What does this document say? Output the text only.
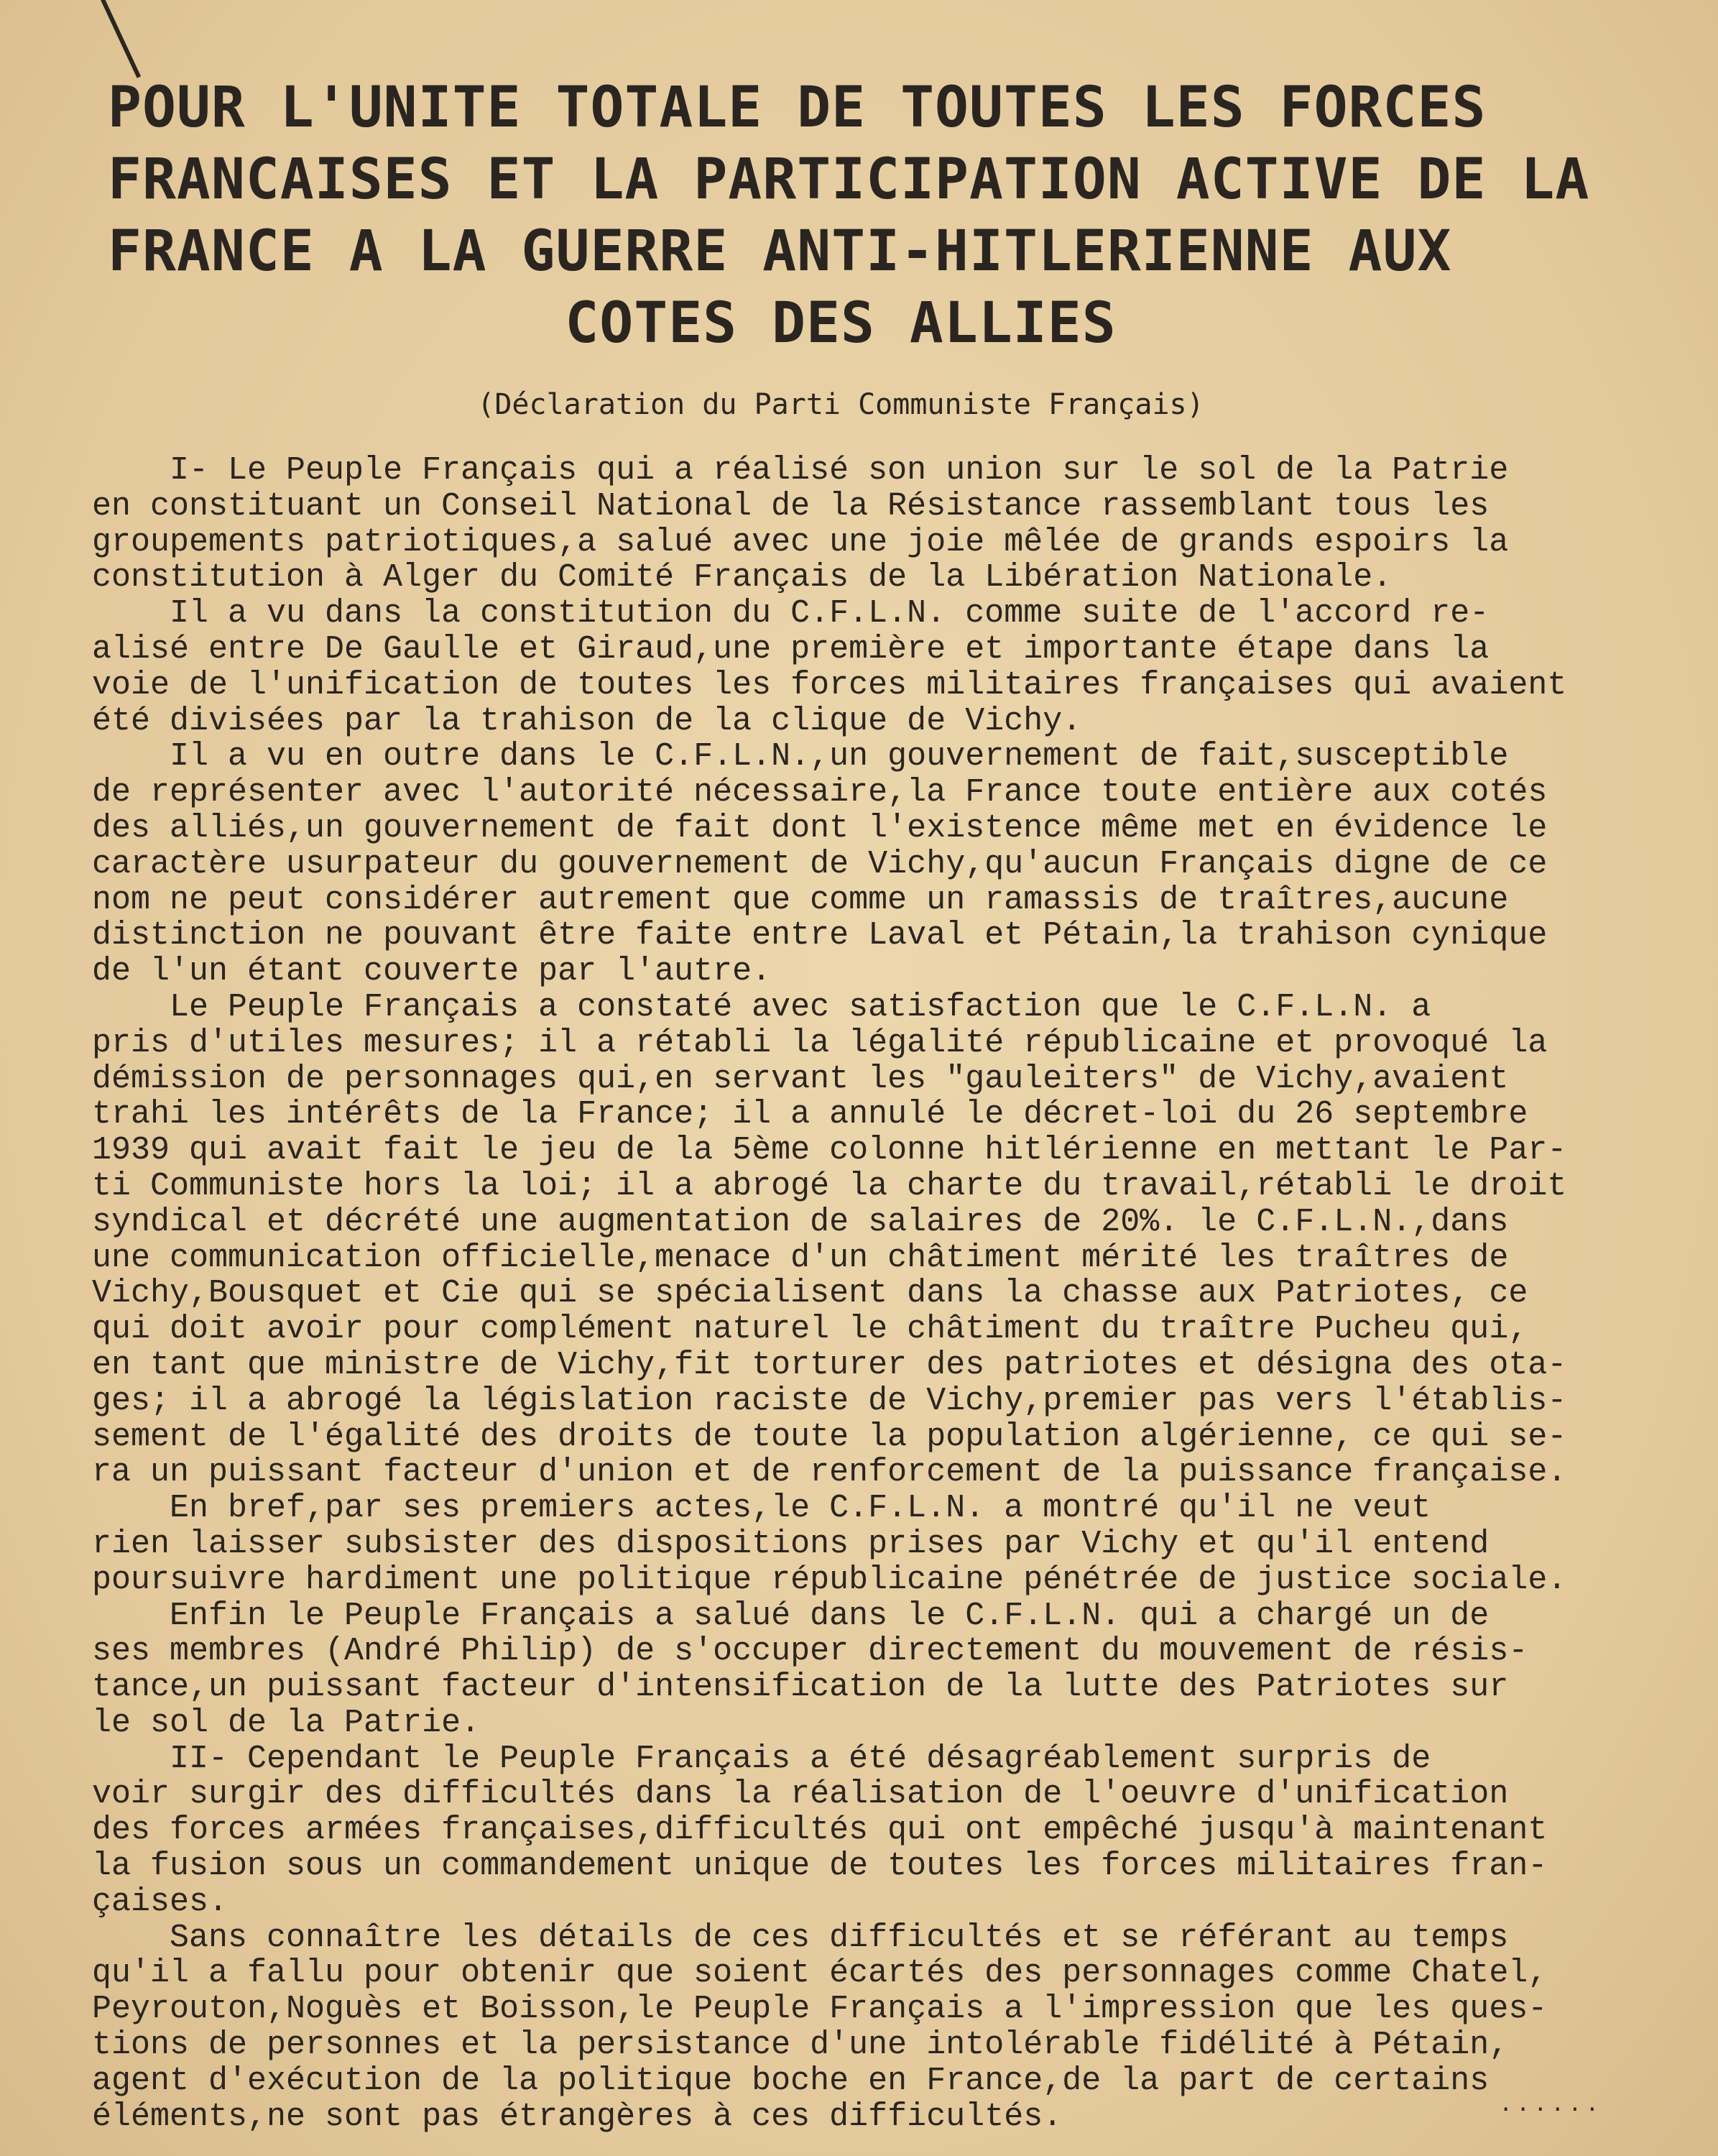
POUR L'UNITE TOTALE DE TOUTES LES FORCES
FRANCAISES ET LA PARTICIPATION ACTIVE DE LA
FRANCE A LA GUERRE ANTI-HITLERIENNE AUX
COTES DES ALLIES
(Déclaration du Parti Communiste Français)
I- Le Peuple Français qui a réalisé son union sur le sol de la Patrie
en constituant un Conseil National de la Résistance rassemblant tous les
groupements patriotiques,a salué avec une joie mêlée de grands espoirs la
constitution à Alger du Comité Français de la Libération Nationale.
Il a vu dans la constitution du C.F.L.N. comme suite de l'accord re-
alisé entre De Gaulle et Giraud,une première et importante étape dans la
voie de l'unification de toutes les forces militaires françaises qui avaient
été divisées par la trahison de la clique de Vichy.
Il a vu en outre dans le C.F.L.N.,un gouvernement de fait,susceptible
de représenter avec l'autorité nécessaire,la France toute entière aux cotés
des alliés,un gouvernement de fait dont l'existence même met en évidence le
caractère usurpateur du gouvernement de Vichy,qu'aucun Français digne de ce
nom ne peut considérer autrement que comme un ramassis de traîtres,aucune
distinction ne pouvant être faite entre Laval et Pétain,la trahison cynique
de l'un étant couverte par l'autre.
Le Peuple Français a constaté avec satisfaction que le C.F.L.N. a
pris d'utiles mesures; il a rétabli la légalité républicaine et provoqué la
démission de personnages qui,en servant les "gauleiters" de Vichy,avaient
trahi les intérêts de la France; il a annulé le décret-loi du 26 septembre
1939 qui avait fait le jeu de la 5ème colonne hitlérienne en mettant le Par-
ti Communiste hors la loi; il a abrogé la charte du travail,rétabli le droit
syndical et décrété une augmentation de salaires de 20%. le C.F.L.N.,dans
une communication officielle,menace d'un châtiment mérité les traîtres de
Vichy,Bousquet et Cie qui se spécialisent dans la chasse aux Patriotes, ce
qui doit avoir pour complément naturel le châtiment du traître Pucheu qui,
en tant que ministre de Vichy,fit torturer des patriotes et désigna des ota-
ges; il a abrogé la législation raciste de Vichy,premier pas vers l'établis-
sement de l'égalité des droits de toute la population algérienne, ce qui se-
ra un puissant facteur d'union et de renforcement de la puissance française.
En bref,par ses premiers actes,le C.F.L.N. a montré qu'il ne veut
rien laisser subsister des dispositions prises par Vichy et qu'il entend
poursuivre hardiment une politique républicaine pénétrée de justice sociale.
Enfin le Peuple Français a salué dans le C.F.L.N. qui a chargé un de
ses membres (André Philip) de s'occuper directement du mouvement de résis-
tance,un puissant facteur d'intensification de la lutte des Patriotes sur
le sol de la Patrie.
II- Cependant le Peuple Français a été désagréablement surpris de
voir surgir des difficultés dans la réalisation de l'oeuvre d'unification
des forces armées françaises,difficultés qui ont empêché jusqu'à maintenant
la fusion sous un commandement unique de toutes les forces militaires fran-
çaises.
Sans connaître les détails de ces difficultés et se référant au temps
qu'il a fallu pour obtenir que soient écartés des personnages comme Chatel,
Peyrouton,Noguès et Boisson,le Peuple Français a l'impression que les ques-
tions de personnes et la persistance d'une intolérable fidélité à Pétain,
agent d'exécution de la politique boche en France,de la part de certains
éléments,ne sont pas étrangères à ces difficultés.	......
